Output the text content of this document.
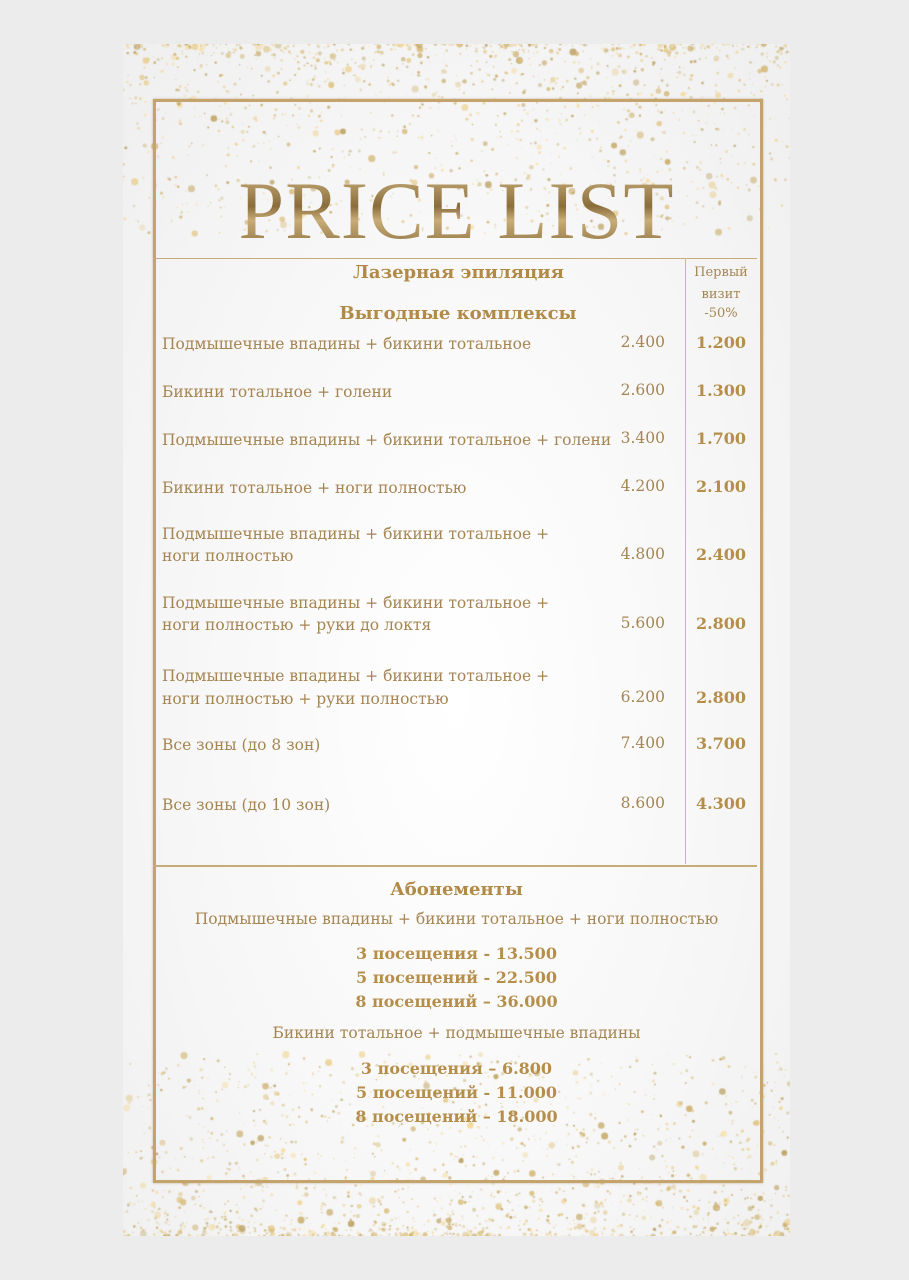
PRICE LIST
Лазерная эпиляция
Выгодные комплексы
Первый
визит
-50%
Подмышечные впадины + бикини тотальное	2.400	1.200
Бикини тотальное + голени	2.600	1.300
Подмышечные впадины + бикини тотальное + голени 3.400	1.700
Бикини тотальное + ноги полностью	4.200	2.100
Подмышечные впадины + бикини тотальное +
ноги полностью	4.800	2.400
Подмышечные впадины + бикини тотальное +
ноги полностью + руки до локтя	5.600	2.800
Подмышечные впадины + бикини тотальное +
ноги полностью + руки полностью	6.200	2.800
Все зоны (до 8 зон)	7.400	3.700
Все зоны (до 10 зон)	8.600	4.300
Абонементы
Подмышечные впадины + бикини тотальное + ноги полностью
3 посещения - 13.500
5 посещений - 22.500
8 посещений – 36.000
Бикини тотальное + подмышечные впадины
3 посещения – 6.800
5 посещений - 11.000
8 посещений – 18.000
